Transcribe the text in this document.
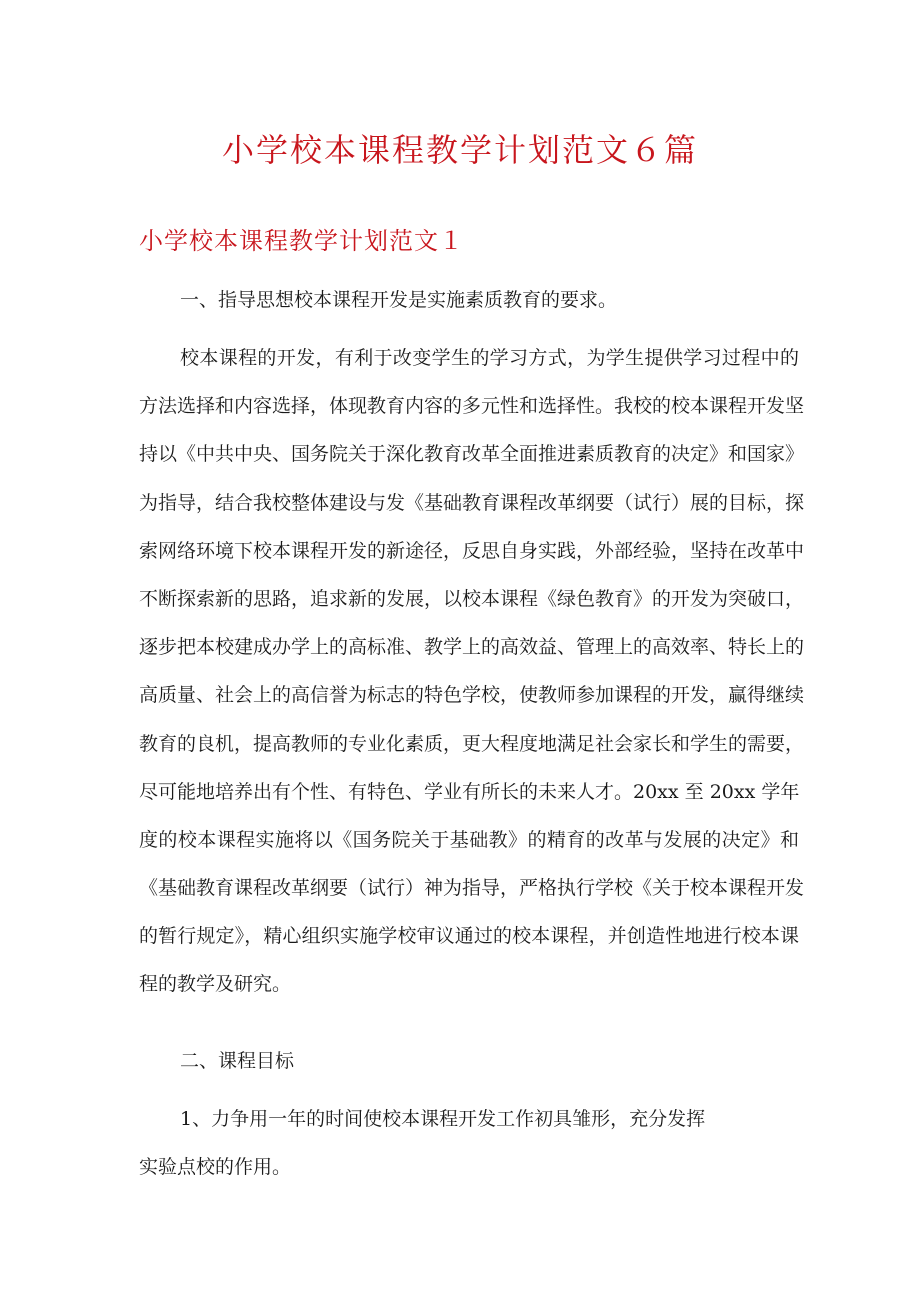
小学校本课程教学计划范文６篇
小学校本课程教学计划范文１
一、指导思想校本课程开发是实施素质教育的要求。
校本课程的开发，有利于改变学生的学习方式，为学生提供学习过程中的
方法选择和内容选择，体现教育内容的多元性和选择性。我校的校本课程开发坚
持以《中共中央、国务院关于深化教育改革全面推进素质教育的决定》和国家》
为指导，结合我校整体建设与发《基础教育课程改革纲要（试行）展的目标，探
索网络环境下校本课程开发的新途径，反思自身实践，外部经验，坚持在改革中
不断探索新的思路，追求新的发展，以校本课程《绿色教育》的开发为突破口，
逐步把本校建成办学上的高标准、教学上的高效益、管理上的高效率、特长上的
高质量、社会上的高信誉为标志的特色学校，使教师参加课程的开发，赢得继续
教育的良机，提高教师的专业化素质，更大程度地满足社会家长和学生的需要，
尽可能地培养出有个性、有特色、学业有所长的未来人才。20xx 至 20xx 学年
度的校本课程实施将以《国务院关于基础教》的精育的改革与发展的决定》和
《基础教育课程改革纲要（试行）神为指导，严格执行学校《关于校本课程开发
的暂行规定》，精心组织实施学校审议通过的校本课程，并创造性地进行校本课
程的教学及研究。
二、课程目标
1、力争用一年的时间使校本课程开发工作初具雏形，充分发挥
实验点校的作用。
